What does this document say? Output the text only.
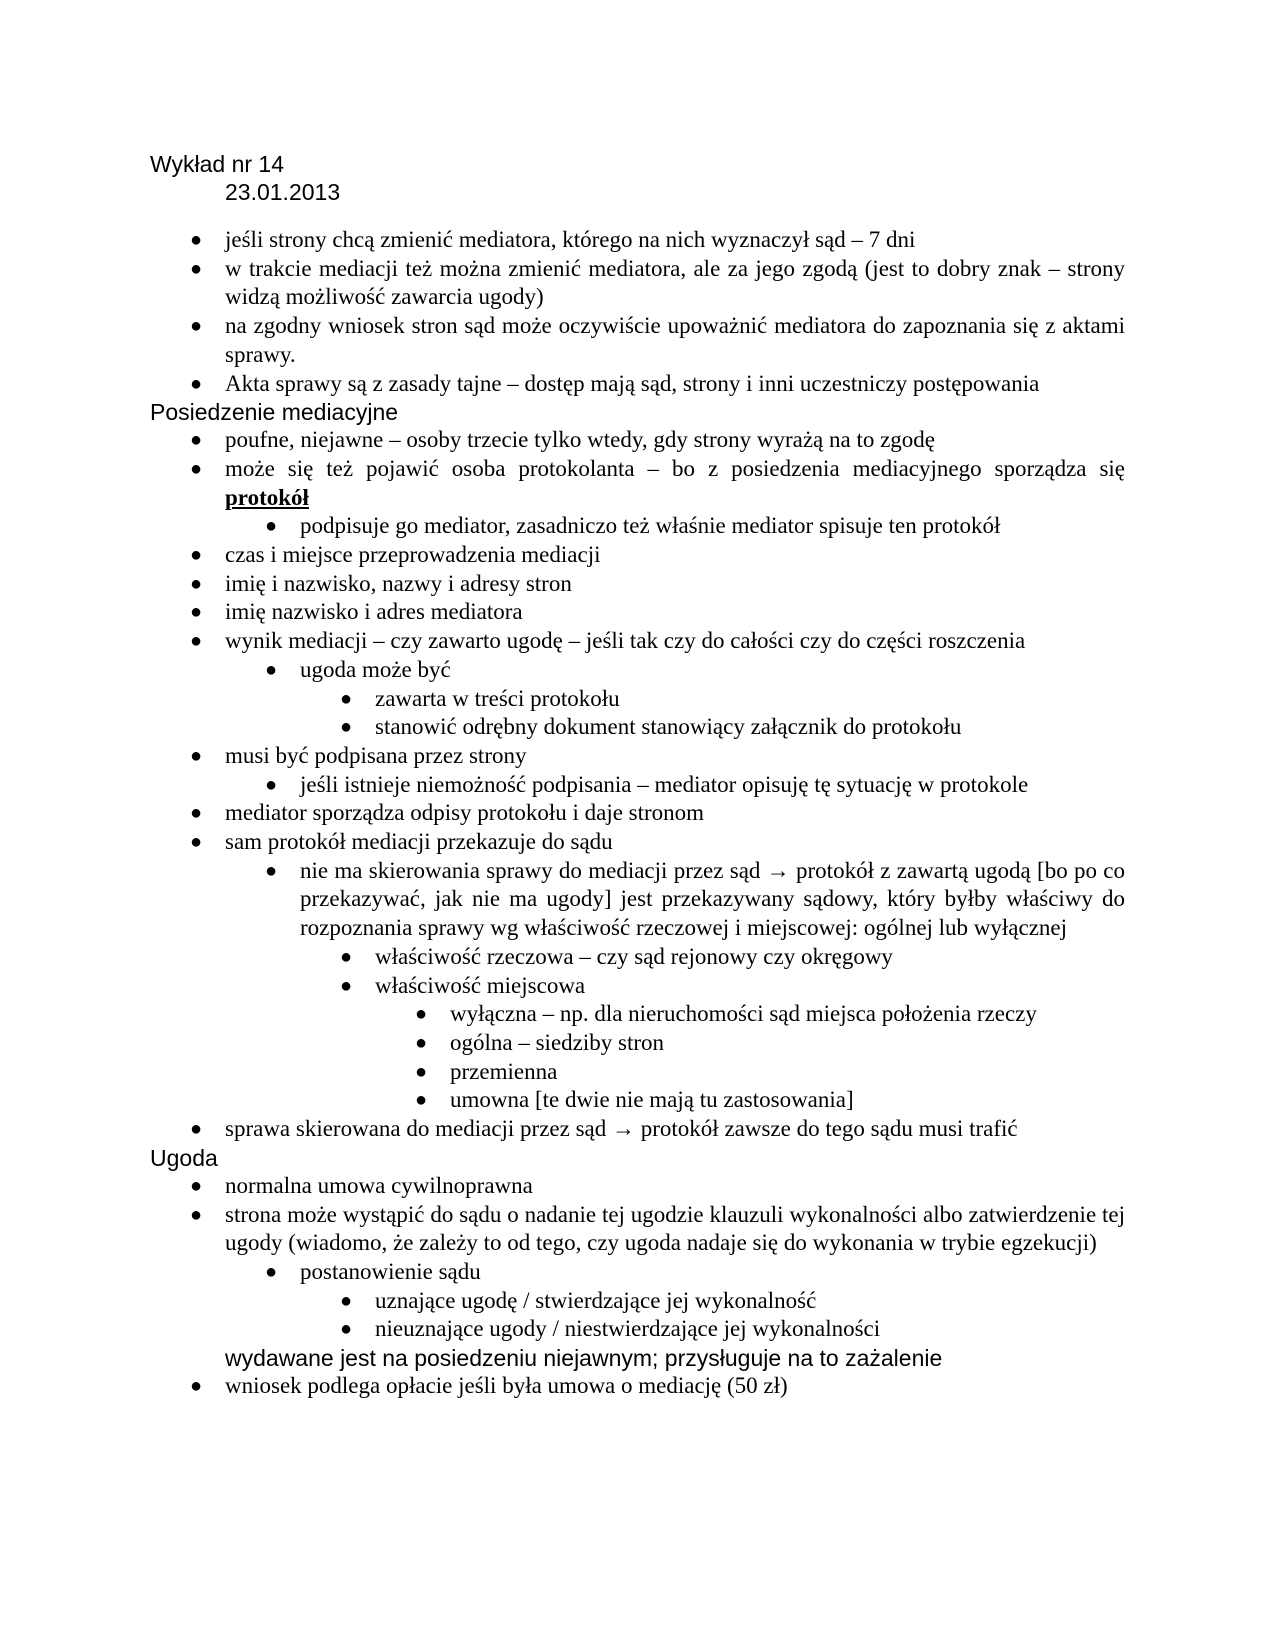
Wykład nr 14

23.01.2013

● jeśli strony chcą zmienić mediatora, którego na nich wyznaczył sąd – 7 dni
● w trakcie mediacji też można zmienić mediatora, ale za jego zgodą (jest to dobry znak – strony widzą możliwość zawarcia ugody)
● na zgodny wniosek stron sąd może oczywiście upoważnić mediatora do zapoznania się z aktami sprawy.
● Akta sprawy są z zasady tajne – dostęp mają sąd, strony i inni uczestniczy postępowania

Posiedzenie mediacyjne

● poufne, niejawne – osoby trzecie tylko wtedy, gdy strony wyrażą na to zgodę
● może się też pojawić osoba protokolanta – bo z posiedzenia mediacyjnego sporządza się protokół
● podpisuje go mediator, zasadniczo też właśnie mediator spisuje ten protokół
● czas i miejsce przeprowadzenia mediacji
● imię i nazwisko, nazwy i adresy stron
● imię nazwisko i adres mediatora
● wynik mediacji – czy zawarto ugodę – jeśli tak czy do całości czy do części roszczenia
● ugoda może być
● zawarta w treści protokołu
● stanowić odrębny dokument stanowiący załącznik do protokołu
● musi być podpisana przez strony
● jeśli istnieje niemożność podpisania – mediator opisuję tę sytuację w protokole
● mediator sporządza odpisy protokołu i daje stronom
● sam protokół mediacji przekazuje do sądu
● nie ma skierowania sprawy do mediacji przez sąd → protokół z zawartą ugodą [bo po co przekazywać, jak nie ma ugody] jest przekazywany sądowy, który byłby właściwy do rozpoznania sprawy wg właściwość rzeczowej i miejscowej: ogólnej lub wyłącznej
● właściwość rzeczowa – czy sąd rejonowy czy okręgowy
● właściwość miejscowa
● wyłączna – np. dla nieruchomości sąd miejsca położenia rzeczy
● ogólna – siedziby stron
● przemienna
● umowna [te dwie nie mają tu zastosowania]
● sprawa skierowana do mediacji przez sąd → protokół zawsze do tego sądu musi trafić

Ugoda

● normalna umowa cywilnoprawna
● strona może wystąpić do sądu o nadanie tej ugodzie klauzuli wykonalności albo zatwierdzenie tej ugody (wiadomo, że zależy to od tego, czy ugoda nadaje się do wykonania w trybie egzekucji)
● postanowienie sądu
● uznające ugodę / stwierdzające jej wykonalność
● nieuznające ugody / niestwierdzające jej wykonalności

wydawane jest na posiedzeniu niejawnym; przysługuje na to zażalenie

● wniosek podlega opłacie jeśli była umowa o mediację (50 zł)
